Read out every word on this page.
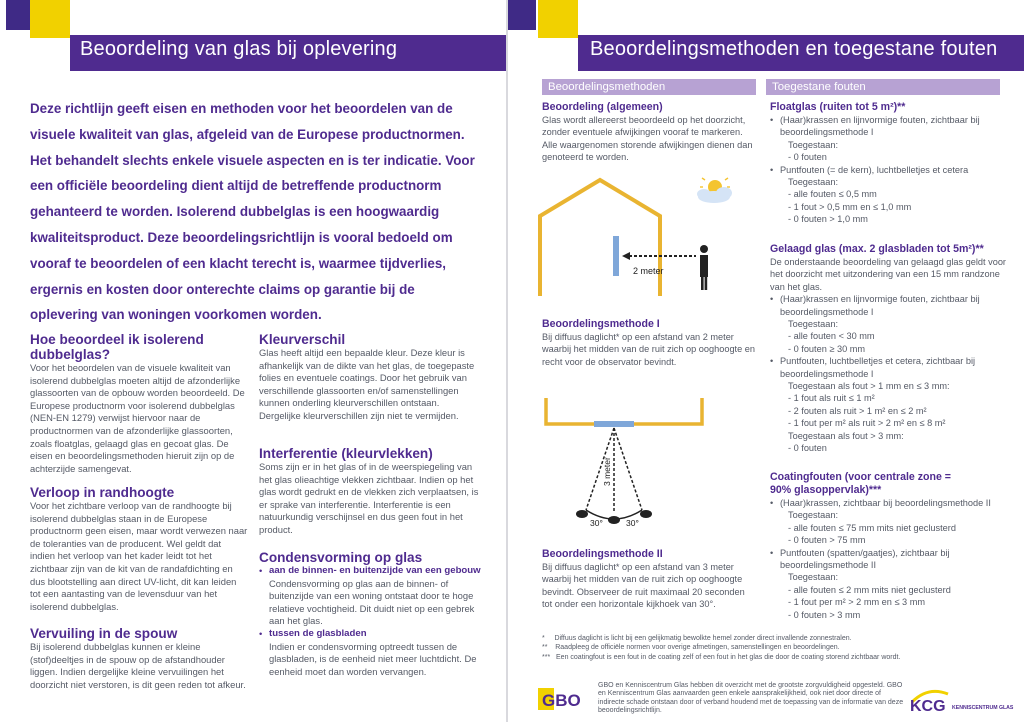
Beoordeling van glas bij oplevering
Deze richtlijn geeft eisen en methoden voor het beoordelen van de visuele kwaliteit van glas, afgeleid van de Europese productnormen. Het behandelt slechts enkele visuele aspecten en is ter indicatie. Voor een officiële beoordeling dient altijd de betreffende productnorm gehanteerd te worden. Isolerend dubbelglas is een hoogwaardig kwaliteitsproduct. Deze beoordelingsrichtlijn is vooral bedoeld om vooraf te beoordelen of een klacht terecht is, waarmee tijdverlies, ergernis en kosten door onterechte claims op garantie bij de oplevering van woningen voorkomen worden.
Hoe beoordeel ik isolerend
dubbelglas?
Voor het beoordelen van de visuele kwaliteit van isolerend dubbelglas moeten altijd de afzonderlijke glassoorten van de opbouw worden beoordeeld. De Europese productnorm voor isolerend dubbelglas (NEN-EN 1279) verwijst hiervoor naar de productnormen van de afzonderlijke glassoorten, zoals floatglas, gelaagd glas en gecoat glas. De eisen en beoordelingsmethoden hieruit zijn op de achterzijde samengevat.
Verloop in randhoogte
Voor het zichtbare verloop van de randhoogte bij isolerend dubbelglas staan in de Europese productnorm geen eisen, maar wordt verwezen naar de toleranties van de producent. Wel geldt dat indien het verloop van het kader leidt tot het zichtbaar zijn van de kit van de randafdichting en dus blootstelling aan direct UV-licht, dit kan leiden tot een aantasting van de levensduur van het isolerend dubbelglas.
Vervuiling in de spouw
Bij isolerend dubbelglas kunnen er kleine (stof)deeltjes in de spouw op de afstandhouder liggen. Indien dergelijke kleine vervuilingen het doorzicht niet verstoren, is dit geen reden tot afkeur.
Kleurverschil
Glas heeft altijd een bepaalde kleur. Deze kleur is afhankelijk van de dikte van het glas, de toegepaste folies en eventuele coatings. Door het gebruik van verschillende glassoorten en/of samenstellingen kunnen onderling kleurverschillen ontstaan. Dergelijke kleurverschillen zijn niet te vermijden.
Interferentie (kleurvlekken)
Soms zijn er in het glas of in de weerspiegeling van het glas olieachtige vlekken zichtbaar. Indien op het glas wordt gedrukt en de vlekken zich verplaatsen, is er sprake van interferentie. Interferentie is een natuurkundig verschijnsel en dus geen fout in het product.
Condensvorming op glas
• aan de binnen- en buitenzijde van een gebouw
Condensvorming op glas aan de binnen- of buitenzijde van een woning ontstaat door te hoge relatieve vochtigheid. Dit duidt niet op een gebrek aan het glas.
• tussen de glasbladen
Indien er condensvorming optreedt tussen de glasbladen, is de eenheid niet meer luchtdicht. De eenheid moet dan worden vervangen.
Beoordelingsmethoden en toegestane fouten
Beoordelingsmethoden	Toegestane fouten
Beoordeling (algemeen)
Glas wordt allereerst beoordeeld op het doorzicht, zonder eventuele afwijkingen vooraf te markeren. Alle waargenomen storende afwijkingen dienen dan genoteerd te worden.
2 meter
Beoordelingsmethode I
Bij diffuus daglicht* op een afstand van 2 meter waarbij het midden van de ruit zich op ooghoogte en recht voor de observator bevindt.
3 meter
30°	30°
Beoordelingsmethode II
Bij diffuus daglicht* op een afstand van 3 meter waarbij het midden van de ruit zich op ooghoogte bevindt. Observeer de ruit maximaal 20 seconden tot onder een horizontale kijkhoek van 30°.
Floatglas (ruiten tot 5 m²)**
• (Haar)krassen en lijnvormige fouten, zichtbaar bij beoordelingsmethode I
Toegestaan:
- 0 fouten
• Puntfouten (= de kern), luchtbelletjes et cetera
Toegestaan:
- alle fouten ≤ 0,5 mm
- 1 fout > 0,5 mm en ≤ 1,0 mm
- 0 fouten > 1,0 mm
Gelaagd glas (max. 2 glasbladen tot 5m²)**
De onderstaande beoordeling van gelaagd glas geldt voor het doorzicht met uitzondering van een 15 mm randzone van het glas.
• (Haar)krassen en lijnvormige fouten, zichtbaar bij beoordelingsmethode I
Toegestaan:
- alle fouten < 30 mm
- 0 fouten ≥ 30 mm
• Puntfouten, luchtbelletjes et cetera, zichtbaar bij beoordelingsmethode I
Toegestaan als fout > 1 mm en ≤ 3 mm:
- 1 fout als ruit ≤ 1 m²
- 2 fouten als ruit > 1 m² en ≤ 2 m²
- 1 fout per m² als ruit > 2 m² en ≤ 8 m²
Toegestaan als fout > 3 mm:
- 0 fouten
Coatingfouten (voor centrale zone =
90% glasoppervlak)***
• (Haar)krassen, zichtbaar bij beoordelingsmethode II
Toegestaan:
- alle fouten ≤ 75 mm mits niet geclusterd
- 0 fouten > 75 mm
• Puntfouten (spatten/gaatjes), zichtbaar bij beoordelingsmethode II
Toegestaan:
- alle fouten ≤ 2 mm mits niet geclusterd
- 1 fout per m² > 2 mm en ≤ 3 mm
- 0 fouten > 3 mm
*     Diffuus daglicht is licht bij een gelijkmatig bewolkte hemel zonder direct invallende zonnestralen.
**    Raadpleeg de officiële normen voor overige afmetingen, samenstellingen en beoordelingen.
***   Een coatingfout is een fout in de coating zelf of een fout in het glas die door de coating storend zichtbaar wordt.
GBO
GBO en Kenniscentrum Glas hebben dit overzicht met de grootste zorgvuldigheid opgesteld. GBO en Kenniscentrum Glas aanvaarden geen enkele aansprakelijkheid, ook niet door directe of indirecte schade ontstaan door of verband houdend met de toepassing van de informatie van deze beoordelingsrichtlijn.	KCG KENNISCENTRUM GLAS
